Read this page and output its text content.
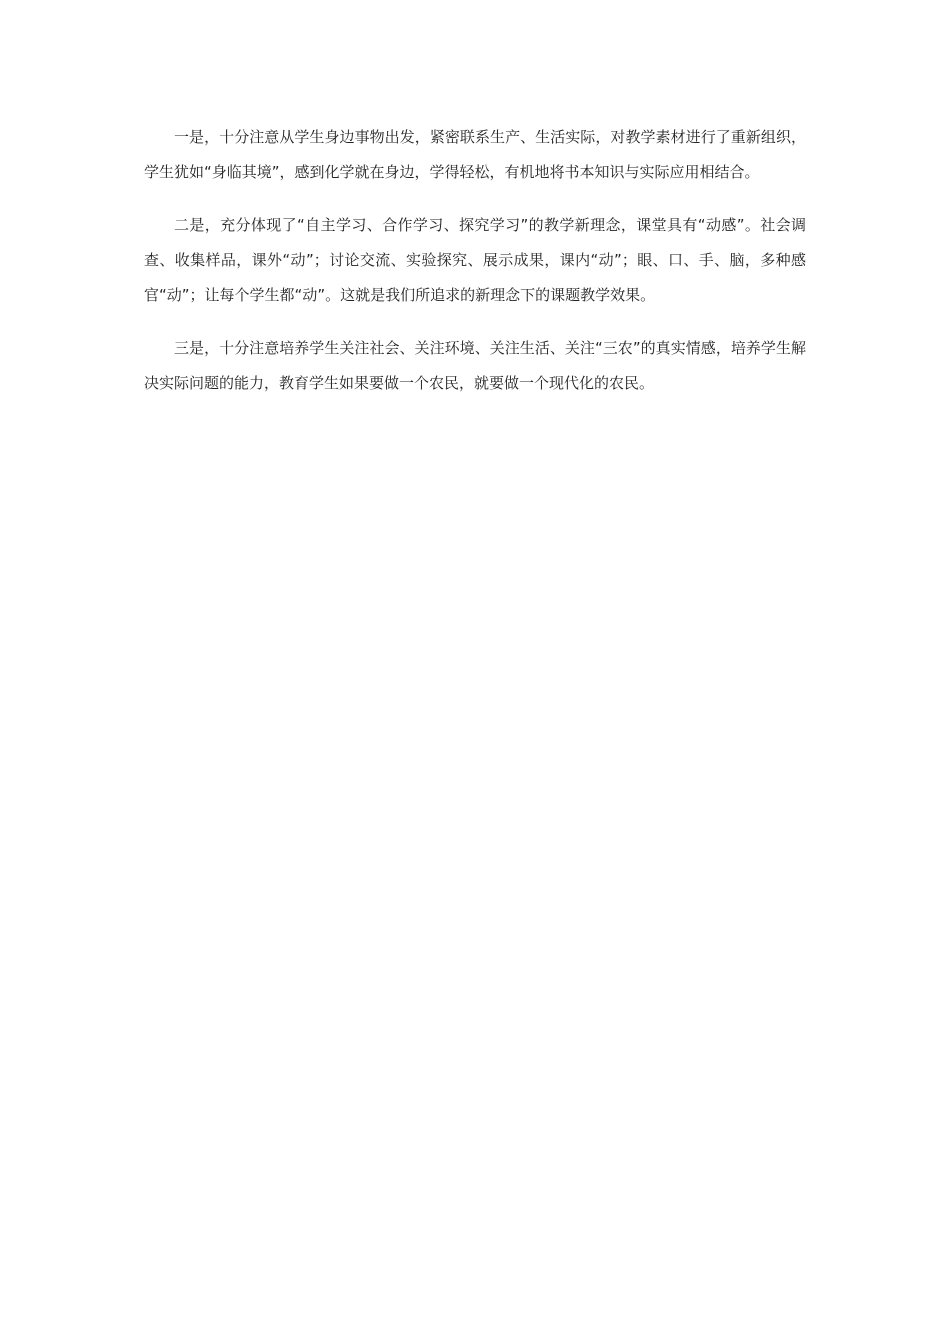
一是，十分注意从学生身边事物出发，紧密联系生产、生活实际，对教学素材进行了重新组织，学生犹如“身临其境”，感到化学就在身边，学得轻松，有机地将书本知识与实际应用相结合。

二是，充分体现了“自主学习、合作学习、探究学习”的教学新理念，课堂具有“动感”。社会调查、收集样品，课外“动”；讨论交流、实验探究、展示成果，课内“动”；眼、口、手、脑，多种感官“动”；让每个学生都“动”。这就是我们所追求的新理念下的课题教学效果。

三是，十分注意培养学生关注社会、关注环境、关注生活、关注“三农”的真实情感，培养学生解决实际问题的能力，教育学生如果要做一个农民，就要做一个现代化的农民。
